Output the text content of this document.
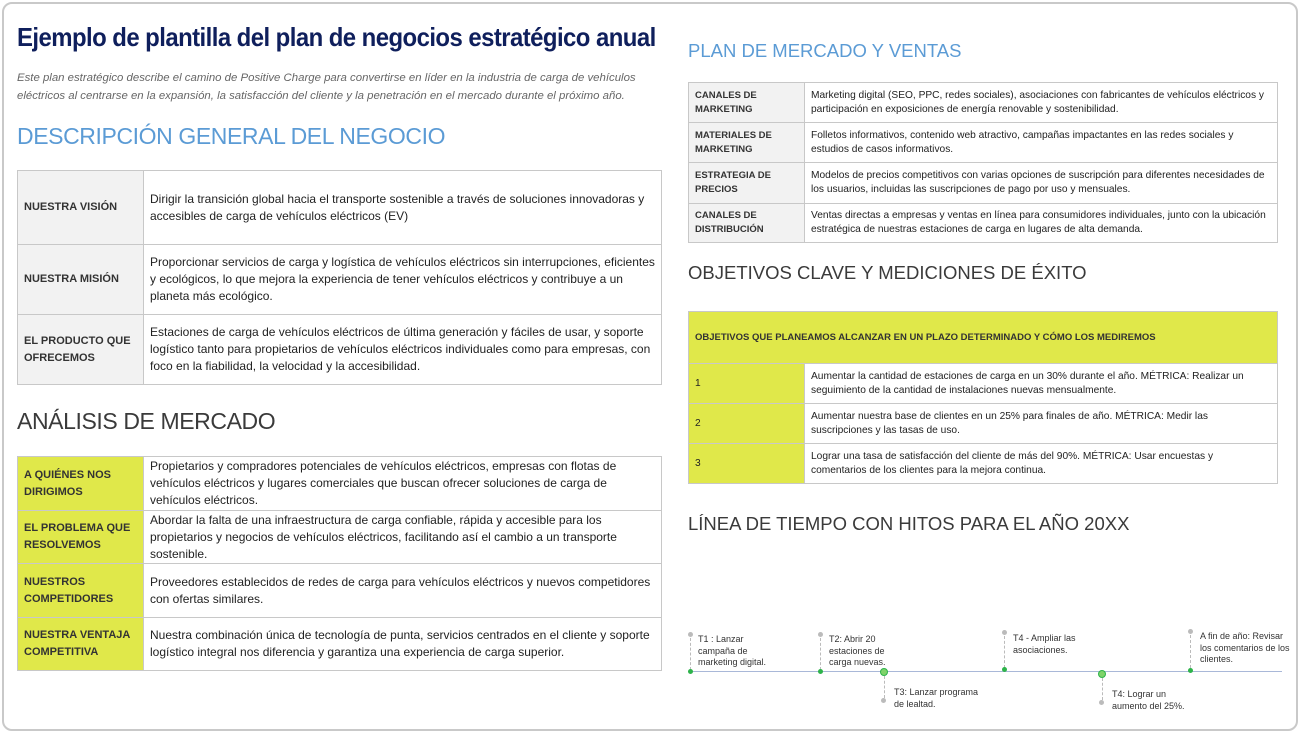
Ejemplo de plantilla del plan de negocios estratégico anual
Este plan estratégico describe el camino de Positive Charge para convertirse en líder en la industria de carga de vehículos eléctricos al centrarse en la expansión, la satisfacción del cliente y la penetración en el mercado durante el próximo año.
DESCRIPCIÓN GENERAL DEL NEGOCIO
NUESTRA VISIÓN	Dirigir la transición global hacia el transporte sostenible a través de soluciones innovadoras y accesibles de carga de vehículos eléctricos (EV)
NUESTRA MISIÓN	Proporcionar servicios de carga y logística de vehículos eléctricos sin interrupciones, eficientes y ecológicos, lo que mejora la experiencia de tener vehículos eléctricos y contribuye a un planeta más ecológico.
EL PRODUCTO QUE OFRECEMOS	Estaciones de carga de vehículos eléctricos de última generación y fáciles de usar, y soporte logístico tanto para propietarios de vehículos eléctricos individuales como para empresas, con foco en la fiabilidad, la velocidad y la accesibilidad.
ANÁLISIS DE MERCADO
A QUIÉNES NOS DIRIGIMOS	Propietarios y compradores potenciales de vehículos eléctricos, empresas con flotas de vehículos eléctricos y lugares comerciales que buscan ofrecer soluciones de carga de vehículos eléctricos.
EL PROBLEMA QUE RESOLVEMOS	Abordar la falta de una infraestructura de carga confiable, rápida y accesible para los propietarios y negocios de vehículos eléctricos, facilitando así el cambio a un transporte sostenible.
NUESTROS COMPETIDORES	Proveedores establecidos de redes de carga para vehículos eléctricos y nuevos competidores con ofertas similares.
NUESTRA VENTAJA COMPETITIVA	Nuestra combinación única de tecnología de punta, servicios centrados en el cliente y soporte logístico integral nos diferencia y garantiza una experiencia de carga superior.
PLAN DE MERCADO Y VENTAS
CANALES DE MARKETING	Marketing digital (SEO, PPC, redes sociales), asociaciones con fabricantes de vehículos eléctricos y participación en exposiciones de energía renovable y sostenibilidad.
MATERIALES DE MARKETING	Folletos informativos, contenido web atractivo, campañas impactantes en las redes sociales y estudios de casos informativos.
ESTRATEGIA DE PRECIOS	Modelos de precios competitivos con varias opciones de suscripción para diferentes necesidades de los usuarios, incluidas las suscripciones de pago por uso y mensuales.
CANALES DE DISTRIBUCIÓN	Ventas directas a empresas y ventas en línea para consumidores individuales, junto con la ubicación estratégica de nuestras estaciones de carga en lugares de alta demanda.
OBJETIVOS CLAVE Y MEDICIONES DE ÉXITO
OBJETIVOS QUE PLANEAMOS ALCANZAR EN UN PLAZO DETERMINADO Y CÓMO LOS MEDIREMOS	
1	Aumentar la cantidad de estaciones de carga en un 30% durante el año. MÉTRICA: Realizar un seguimiento de la cantidad de instalaciones nuevas mensualmente.
2	Aumentar nuestra base de clientes en un 25% para finales de año. MÉTRICA: Medir las suscripciones y las tasas de uso.
3	Lograr una tasa de satisfacción del cliente de más del 90%. MÉTRICA: Usar encuestas y comentarios de los clientes para la mejora continua.
LÍNEA DE TIEMPO CON HITOS PARA EL AÑO 20XX
T1 : Lanzar campaña de marketing digital.
T2: Abrir 20 estaciones de carga nuevas.
T3: Lanzar programa de lealtad.
T4 - Ampliar las asociaciones.
T4: Lograr un aumento del 25%.
A fin de año: Revisar los comentarios de los clientes.
